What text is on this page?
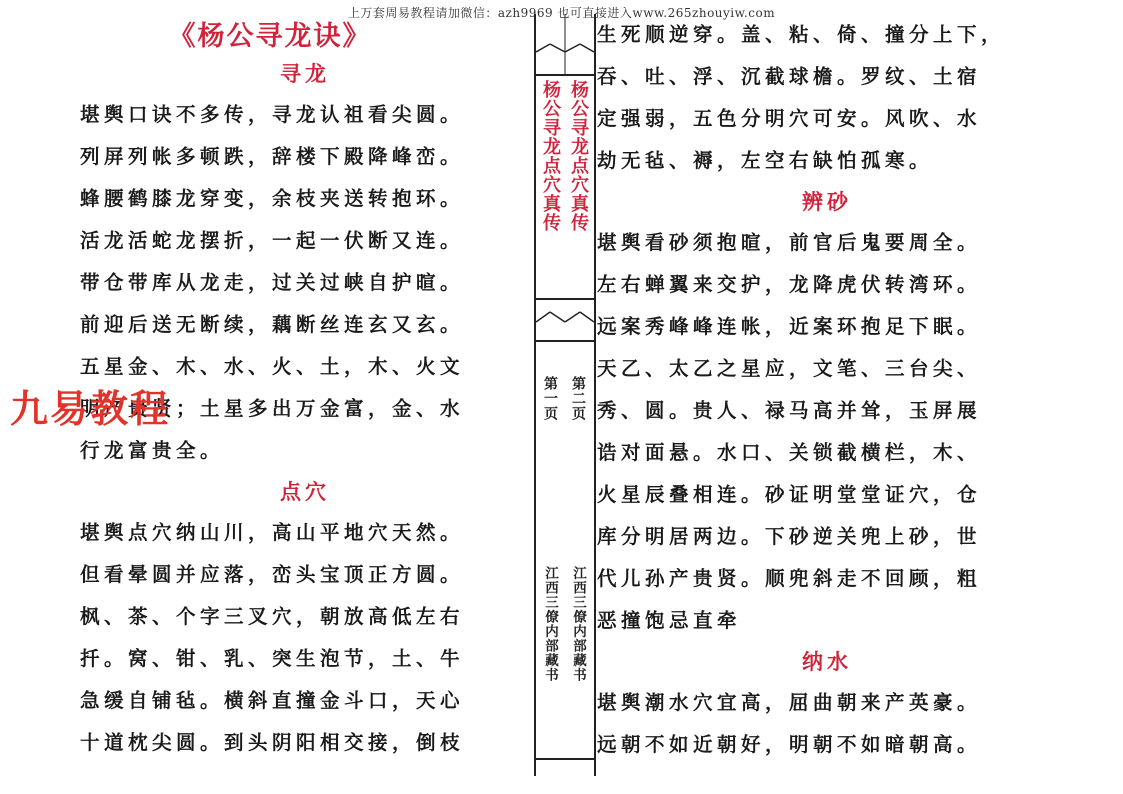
上万套周易教程请加微信：azh9969 也可直接进入www.265zhouyiw.com
《杨公寻龙诀》
寻龙
堪舆口诀不多传，寻龙认祖看尖圆。
列屏列帐多顿跌，辞楼下殿降峰峦。
蜂腰鹤膝龙穿变，余枝夹送转抱环。
活龙活蛇龙摆折，一起一伏断又连。
带仓带库从龙走，过关过峡自护暄。
前迎后送无断续，藕断丝连玄又玄。
五星金、木、水、火、土，木、火文
明产贵贤；土星多出万金富，金、水
行龙富贵全。
点穴
堪舆点穴纳山川，高山平地穴天然。
但看晕圆并应落，峦头宝顶正方圆。
枫、茶、个字三叉穴，朝放高低左右
扦。窝、钳、乳、突生泡节，土、牛
急缓自铺毡。横斜直撞金斗口，天心
十道枕尖圆。到头阴阳相交接，倒枝
九易教程
杨公寻龙点穴真传 杨公寻龙点穴真传
第一页 第二页
江西三僚内部藏书 江西三僚内部藏书
生死顺逆穿。盖、粘、倚、撞分上下，
吞、吐、浮、沉截球檐。罗纹、土宿
定强弱，五色分明穴可安。风吹、水
劫无毡、褥，左空右缺怕孤寒。
辨砂
堪舆看砂须抱暄，前官后鬼要周全。
左右蝉翼来交护，龙降虎伏转湾环。
远案秀峰峰连帐，近案环抱足下眠。
天乙、太乙之星应，文笔、三台尖、
秀、圆。贵人、禄马高并耸，玉屏展
诰对面悬。水口、关锁截横栏，木、
火星辰叠相连。砂证明堂堂证穴，仓
库分明居两边。下砂逆关兜上砂，世
代儿孙产贵贤。顺兜斜走不回顾，粗
恶撞饱忌直牵
纳水
堪舆潮水穴宜高，屈曲朝来产英豪。
远朝不如近朝好，明朝不如暗朝高。
